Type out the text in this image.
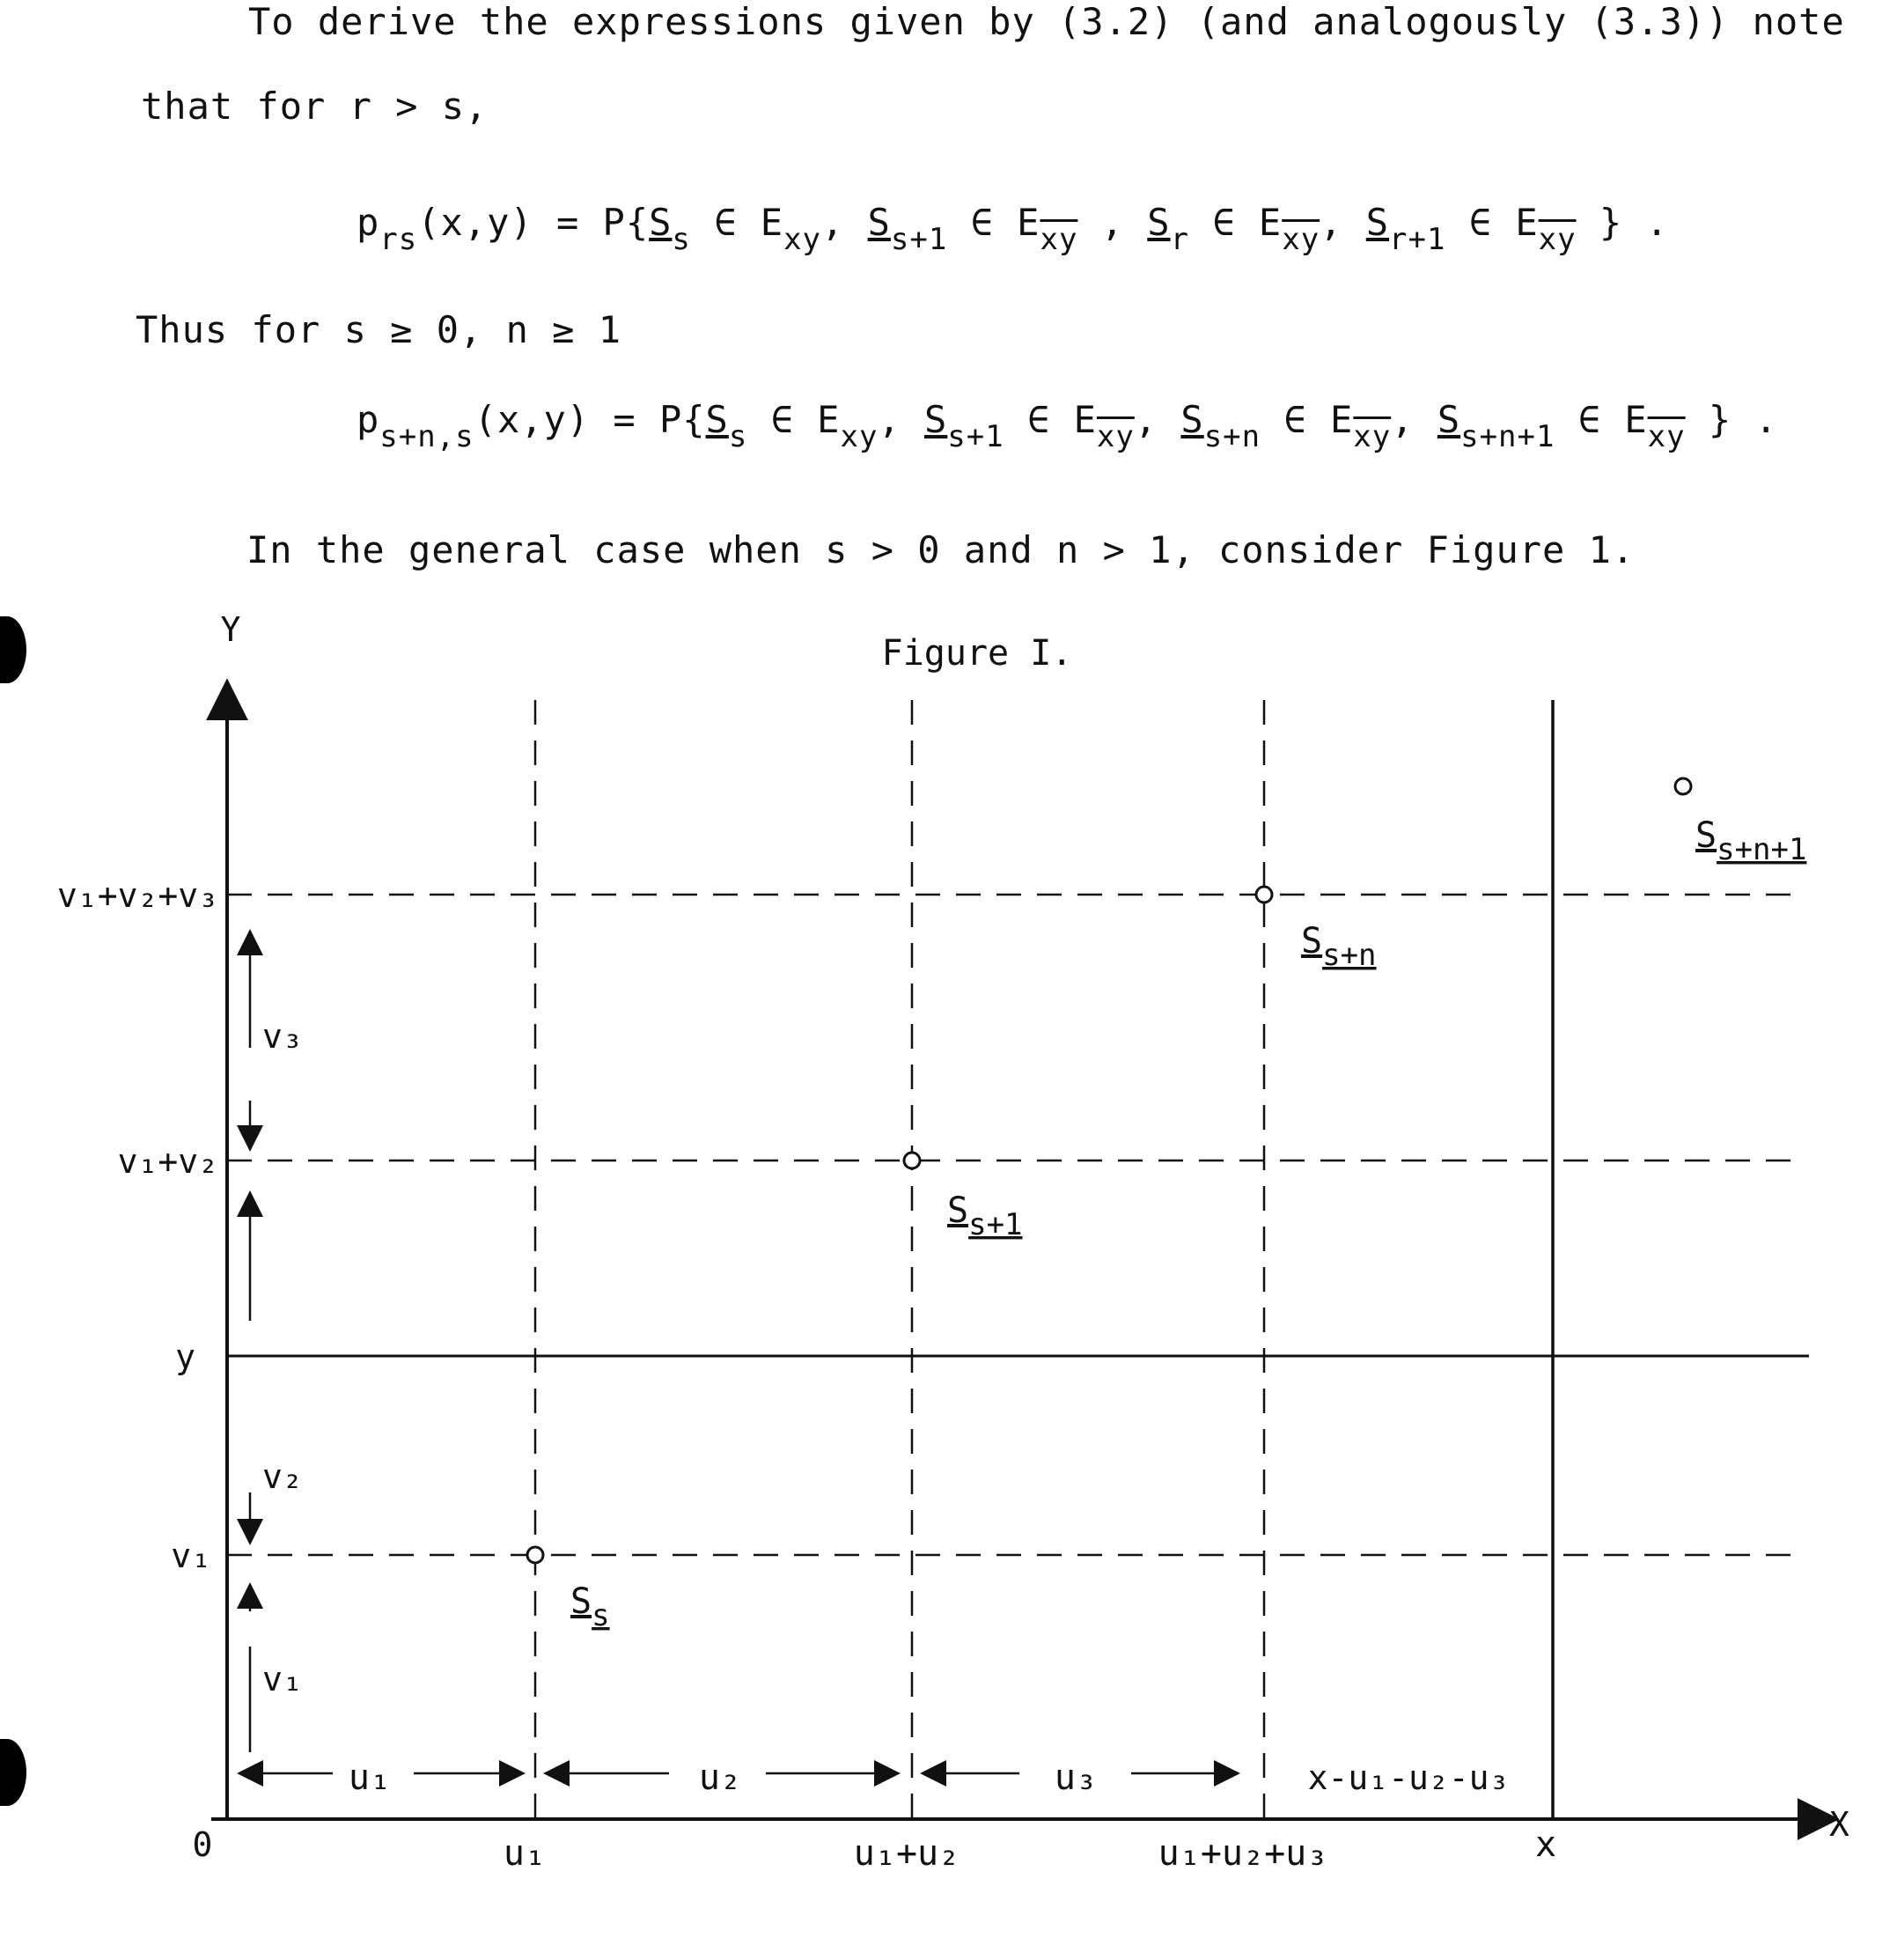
To derive the expressions given by (3.2) (and analogously (3.3)) note
that for r > s,
$p_{rs}(x,y) = P\{S_s$ ∈ $E_{xy}$, $S_{s+1}$ ∈ $E_{\overline{xy}}$ , $S_r$ ∈ $E_{\overline{xy}}$, $S_{r+1}$ ∈ $E_{\overline{xy}}$ } .
Thus for s ≥ 0, n ≥ 1
$p_{s+n,s}(x,y) = P\{S_s$ ∈ $E_{xy}$, $S_{s+1}$ ∈ $E_{\overline{xy}}$, $S_{s+n}$ ∈ $E_{\overline{xy}}$, $S_{s+n+1}$ ∈ $E_{\overline{xy}}$ } .
In the general case when s > 0 and n > 1, consider Figure 1.
Figure I.
Y
X
0
v₁+v₂+v₃
v₁+v₂
y
v₁
u₁	u₁+u₂	u₁+u₂+u₃	x
v₃
v₂
v₁
u₁	u₂	u₃	x-u₁-u₂-u₃
$S_s$
$S_{s+1}$
$S_{s+n}$
$S_{s+n+1}$
